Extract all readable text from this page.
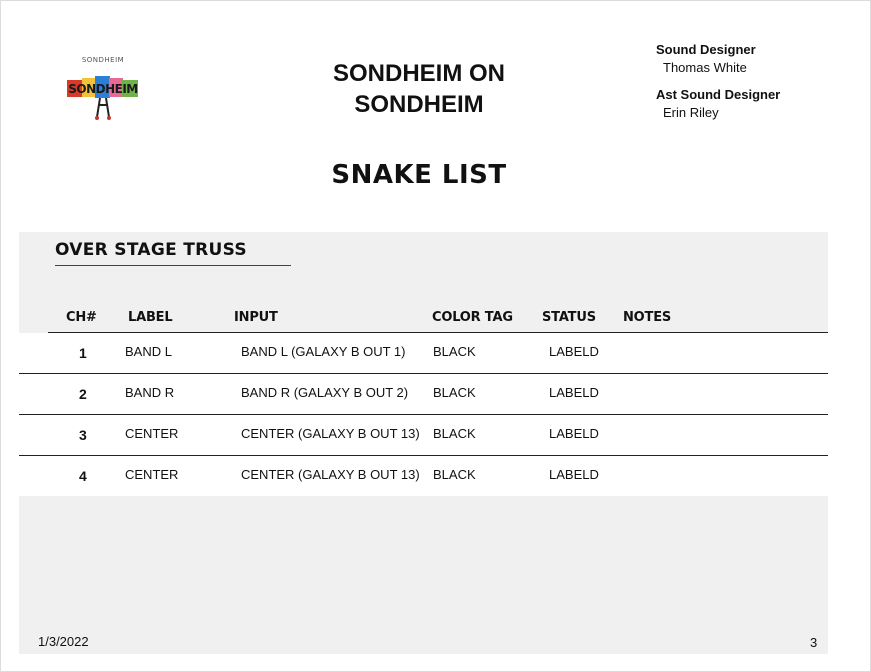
SONDHEIM
SONDHEIM
SONDHEIM ON
SONDHEIM
SNAKE LIST
Sound Designer
Thomas White
Ast Sound Designer
Erin Riley
OVER STAGE TRUSS
CH# LABEL	INPUT	COLOR TAG STATUS NOTES
1	BAND L	BAND L (GALAXY B OUT 1) BLACK	LABELD
2	BAND R	BAND R (GALAXY B OUT 2) BLACK	LABELD
3	CENTER	CENTER (GALAXY B OUT 13) BLACK	LABELD
4	CENTER	CENTER (GALAXY B OUT 13) BLACK	LABELD
1/3/2022	3
